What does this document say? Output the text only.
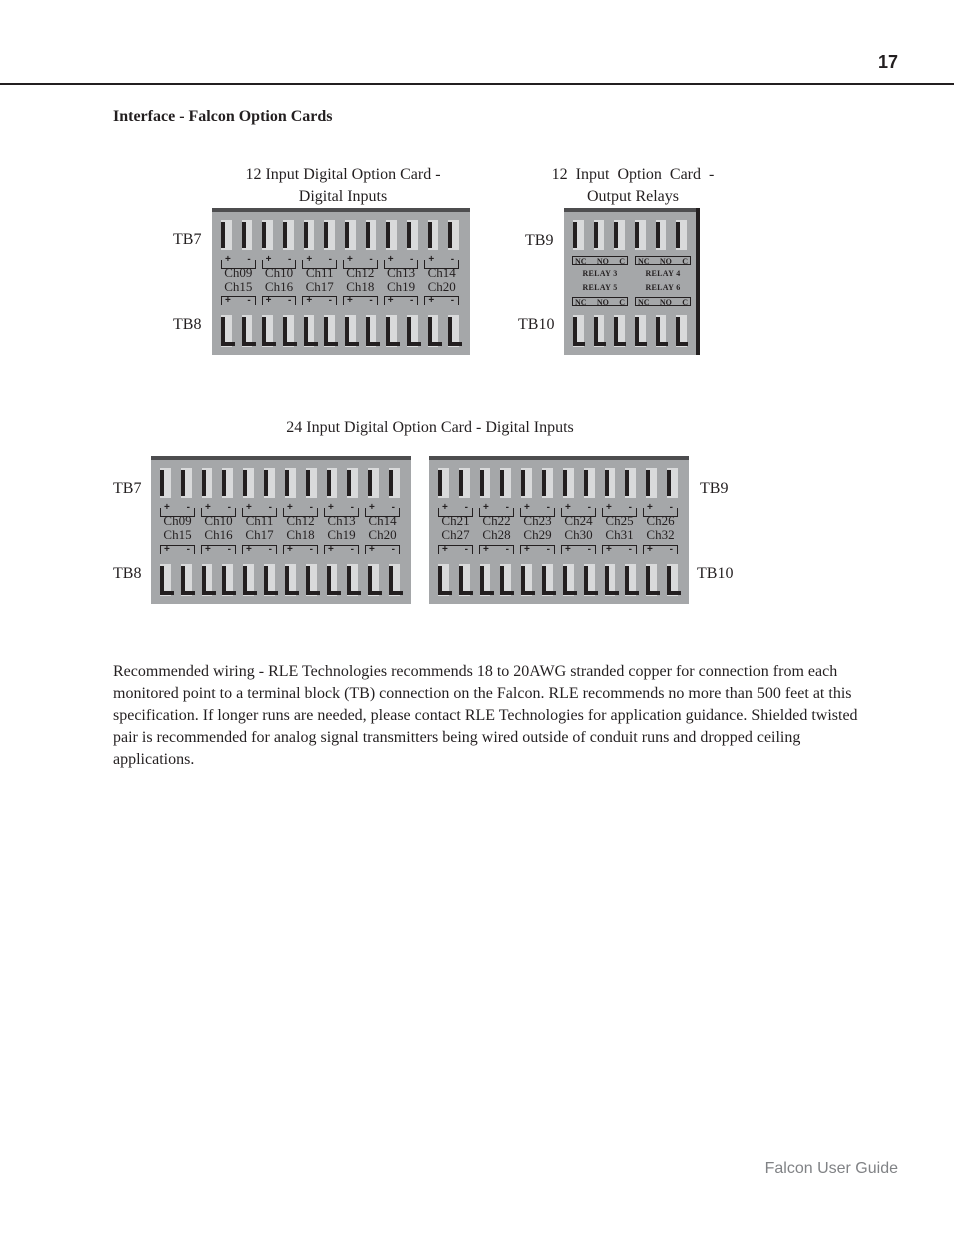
17
Interface - Falcon Option Cards
12 Input Digital Option Card -
Digital Inputs
TB7
TB8
+ - + - + - + - + - + -
+ - + - + - + - + - + -
Ch09
Ch15
Ch10
Ch16
Ch11
Ch17
Ch12
Ch18
Ch13
Ch19
Ch14
Ch20
12  Input  Option  Card  -
Output Relays
TB9
TB10
NC NO C NC NO C
NC NO C NC NO C
RELAY 3	RELAY 4
RELAY 5	RELAY 6
24 Input Digital Option Card - Digital Inputs
TB7
TB8
TB9
TB10
+ - + - + - + - + - + -
+ - + - + - + - + - + -
Ch09
Ch15
Ch10
Ch16
Ch11
Ch17
Ch12
Ch18
Ch13
Ch19
Ch14
Ch20
+ - + - + - + - + - + -
+ - + - + - + - + - + -
Ch21
Ch27
Ch22
Ch28
Ch23
Ch29
Ch24
Ch30
Ch25
Ch31
Ch26
Ch32
Recommended wiring - RLE Technologies recommends 18 to 20AWG stranded copper for connection from each monitored point to a terminal block (TB) connection on the Falcon. RLE recommends no more than 500 feet at this specification. If longer runs are needed, please contact RLE Technologies for application guidance. Shielded twisted pair is recommended for analog signal transmitters being wired outside of conduit runs and dropped ceiling applications.
Falcon User Guide
